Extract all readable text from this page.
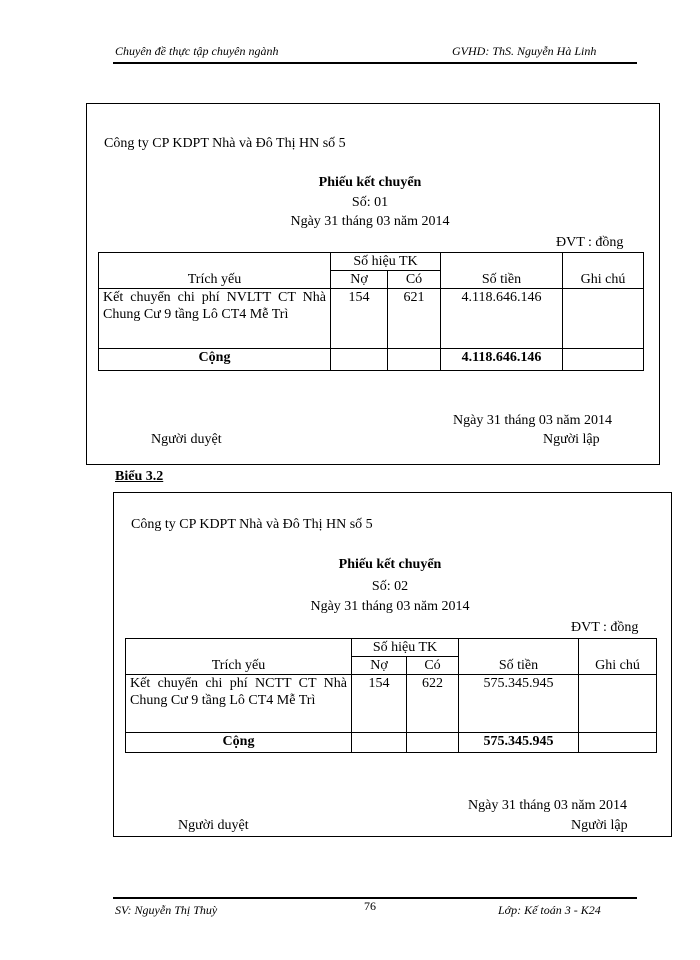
Chuyên đề thực tập chuyên ngành	GVHD: ThS. Nguyễn Hà Linh
Công ty CP KDPT Nhà và Đô Thị HN số 5
Phiếu kết chuyển
Số: 01
Ngày 31 tháng 03 năm 2014
ĐVT : đồng
Trích yếu	Số hiệu TK		Số tiền	Ghi chú
	Nợ	Có		
Kết chuyển chi phí NVLTT CT Nhà Chung Cư 9 tầng Lô CT4 Mễ Trì	154	621	4.118.646.146	
Cộng			4.118.646.146	
Ngày 31 tháng 03 năm 2014
Người duyệt	Người lập
Biểu 3.2
Công ty CP KDPT Nhà và Đô Thị HN số 5
Phiếu kết chuyển
Số: 02
Ngày 31 tháng 03 năm 2014
ĐVT : đồng
Trích yếu	Số hiệu TK		Số tiền	Ghi chú
	Nợ	Có		
Kết chuyển chi phí NCTT CT Nhà Chung Cư 9 tầng Lô CT4 Mễ Trì	154	622	575.345.945	
Cộng			575.345.945	
Ngày 31 tháng 03 năm 2014
Người duyệt	Người lập
SV: Nguyễn Thị Thuỳ	76	Lớp: Kế toán 3 - K24
